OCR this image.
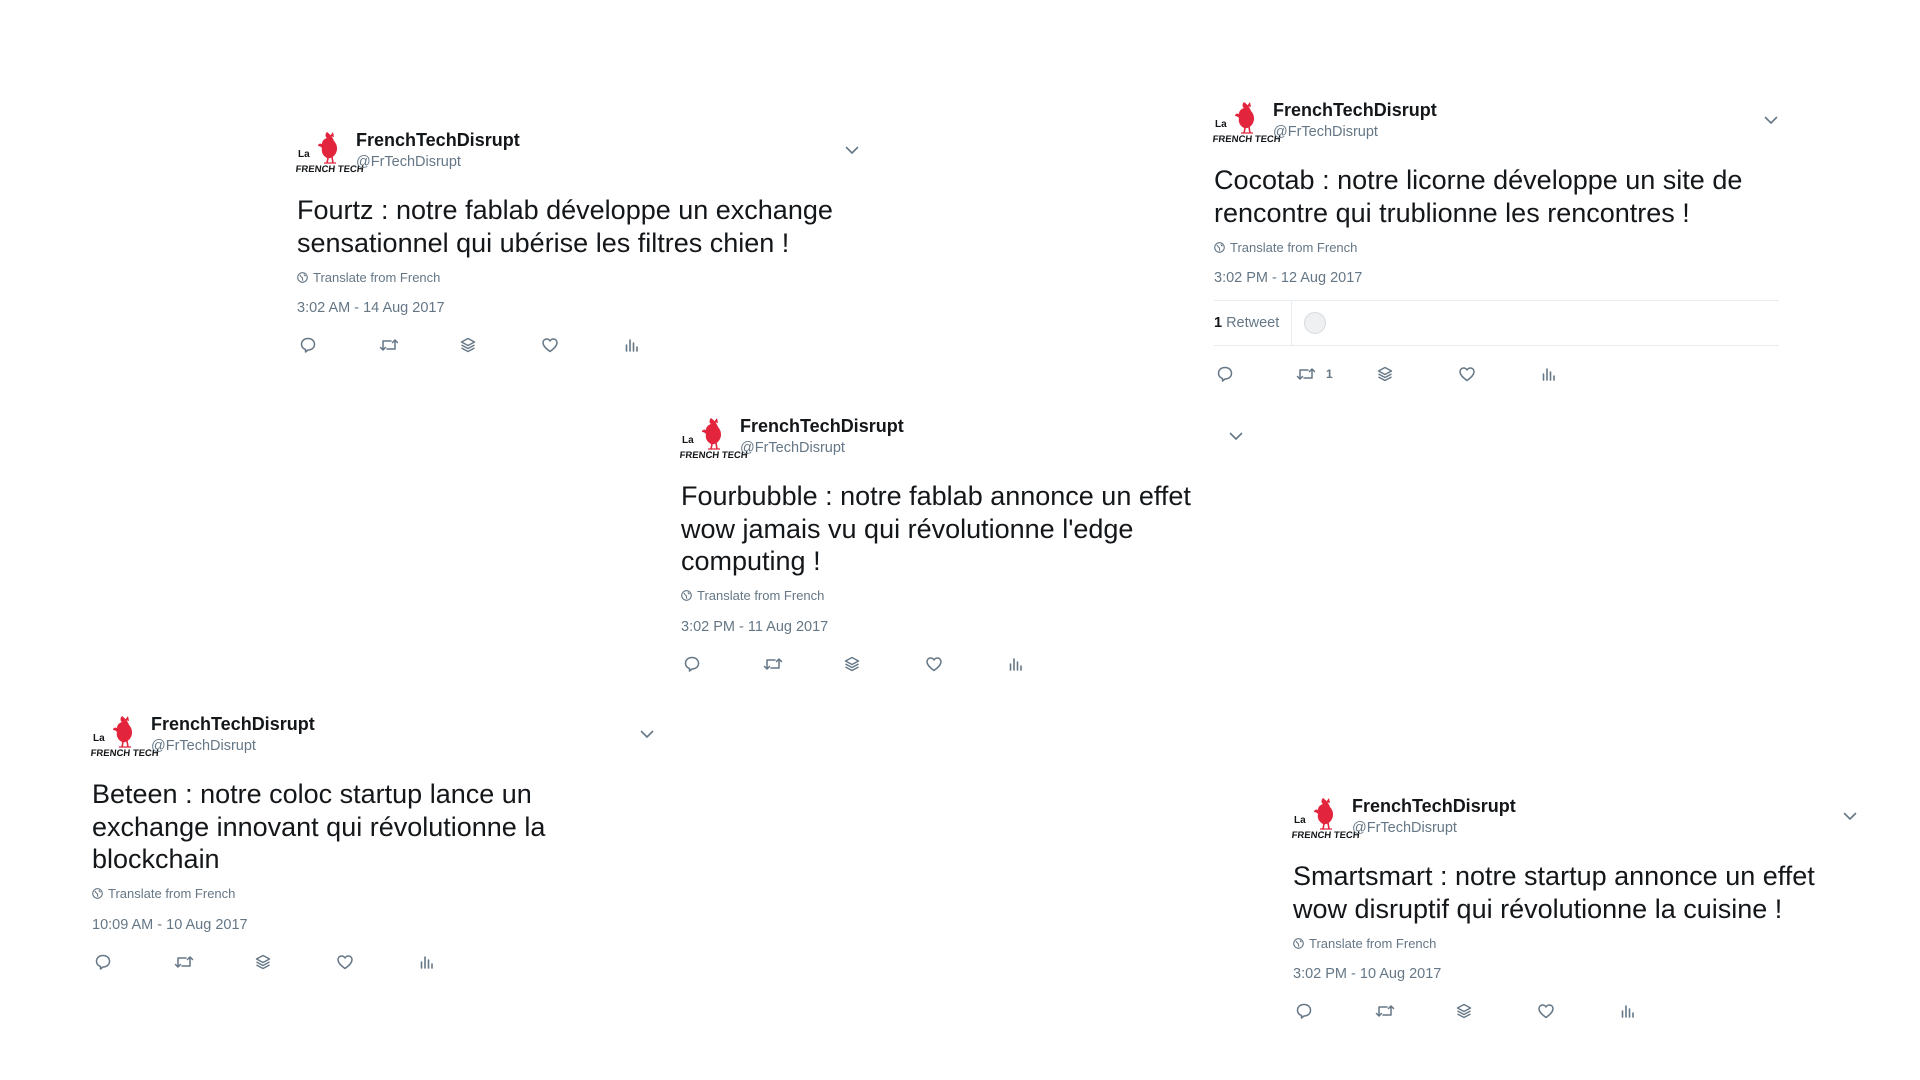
La
FRENCH TECH
FrenchTechDisrupt
@FrTechDisrupt
Fourtz : notre fablab développe un exchange sensationnel qui ubérise les filtres chien !
Translate from French
3:02 AM - 14 Aug 2017
La
FRENCH TECH
FrenchTechDisrupt
@FrTechDisrupt
Cocotab : notre licorne développe un site de rencontre qui trublionne les rencontres !
Translate from French
3:02 PM - 12 Aug 2017
1 Retweet
1
La
FRENCH TECH
FrenchTechDisrupt
@FrTechDisrupt
Fourbubble : notre fablab annonce un effet wow jamais vu qui révolutionne l'edge computing !
Translate from French
3:02 PM - 11 Aug 2017
La
FRENCH TECH
FrenchTechDisrupt
@FrTechDisrupt
Beteen : notre coloc startup lance un exchange innovant qui révolutionne la blockchain
Translate from French
10:09 AM - 10 Aug 2017
La
FRENCH TECH
FrenchTechDisrupt
@FrTechDisrupt
Smartsmart : notre startup annonce un effet wow disruptif qui révolutionne la cuisine !
Translate from French
3:02 PM - 10 Aug 2017
